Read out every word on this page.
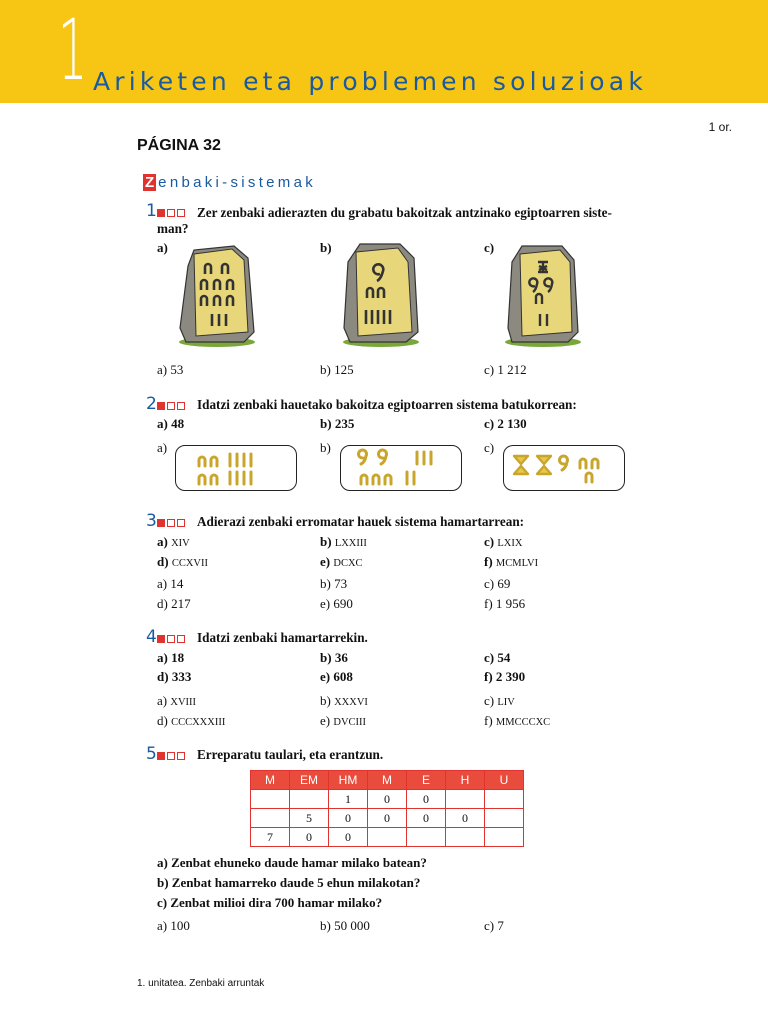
1 Ariketen eta problemen soluzioak
1 or.
PÁGINA 32
Z enbaki-sistemak
1	Zer zenbaki adierazten du grabatu bakoitzak antzinako egiptoarren siste-
man?
a)	b)	c)
a) 53	b) 125	c) 1 212
2	Idatzi zenbaki hauetako bakoitza egiptoarren sistema batukorrean:
a) 48	b) 235	c) 2 130
a)	b)	c)
3	Adierazi zenbaki erromatar hauek sistema hamartarrean:
a) XIV	b) LXXIII	c) LXIX
d) CCXVII	e) DCXC	f) MCMLVI
a) 14	b) 73	c) 69
d) 217	e) 690	f) 1 956
4	Idatzi zenbaki hamartarrekin.
a) 18	b) 36	c) 54
d) 333	e) 608	f) 2 390
a) XVIII	b) XXXVI	c) LIV
d) CCCXXXIII	e) DVCIII	f) MMCCCXC
5	Erreparatu taulari, eta erantzun.
M	EM	HM	M	E	H	U
		1	0	0		
	5	0	0	0	0	
7	0	0				
a) Zenbat ehuneko daude hamar milako batean?
b) Zenbat hamarreko daude 5 ehun milakotan?
c) Zenbat milioi dira 700 hamar milako?
a) 100	b) 50 000	c) 7
1. unitatea. Zenbaki arruntak
